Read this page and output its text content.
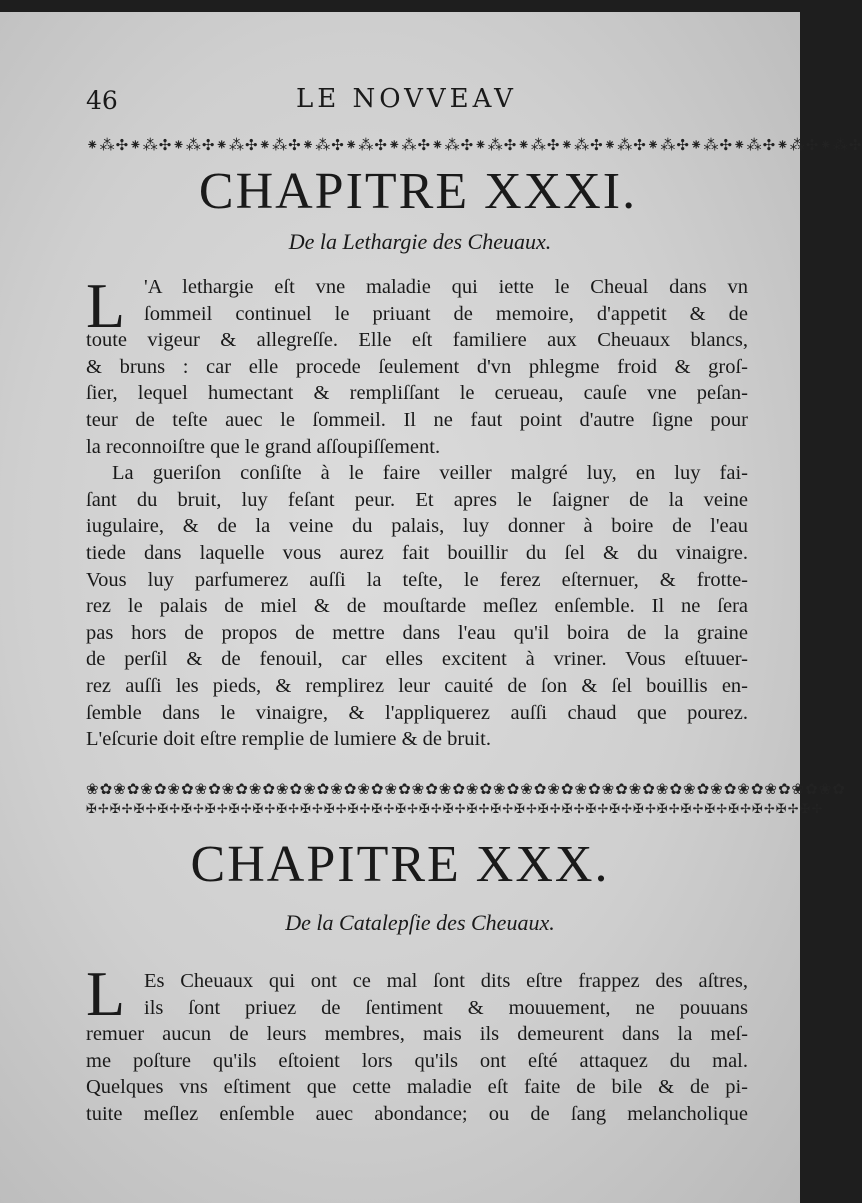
46	LE NOVVEAV
⁕⁂✣⁕⁂✣⁕⁂✣⁕⁂✣⁕⁂✣⁕⁂✣⁕⁂✣⁕⁂✣⁕⁂✣⁕⁂✣⁕⁂✣⁕⁂✣⁕⁂✣⁕⁂✣⁕⁂✣⁕⁂✣⁕⁂✣⁕⁂✣
CHAPITRE XXXI.
De la Lethargie des Cheuaux.
L 'A lethargie eſt vne maladie qui iette le Cheual dans vn
ſommeil continuel le priuant de memoire, d'appetit & de
toute vigeur & allegreſſe. Elle eſt familiere aux Cheuaux blancs,
& bruns : car elle procede ſeulement d'vn phlegme froid & groſ-
ſier, lequel humectant & rempliſſant le cerueau, cauſe vne peſan-
teur de teſte auec le ſommeil. Il ne faut point d'autre ſigne pour
la reconnoiſtre que le grand aſſoupiſſement.
La gueriſon conſiſte à le faire veiller malgré luy, en luy fai-
ſant du bruit, luy feſant peur. Et apres le ſaigner de la veine
iugulaire, & de la veine du palais, luy donner à boire de l'eau
tiede dans laquelle vous aurez fait bouillir du ſel & du vinaigre.
Vous luy parfumerez auſſi la teſte, le ferez eſternuer, & frotte-
rez le palais de miel & de mouſtarde meſlez enſemble. Il ne ſera
pas hors de propos de mettre dans l'eau qu'il boira de la graine
de perſil & de fenouil, car elles excitent à vriner. Vous eſtuuer-
rez auſſi les pieds, & remplirez leur cauité de ſon & ſel bouillis en-
ſemble dans le vinaigre, & l'appliquerez auſſi chaud que pourez.
L'eſcurie doit eſtre remplie de lumiere & de bruit.
❀✿❀✿❀✿❀✿❀✿❀✿❀✿❀✿❀✿❀✿❀✿❀✿❀✿❀✿❀✿❀✿❀✿❀✿❀✿❀✿❀✿❀✿❀✿❀✿❀✿❀✿❀✿❀✿
✠✢✠✢✠✢✠✢✠✢✠✢✠✢✠✢✠✢✠✢✠✢✠✢✠✢✠✢✠✢✠✢✠✢✠✢✠✢✠✢✠✢✠✢✠✢✠✢✠✢✠✢✠✢✠✢✠✢✠✢✠✢
CHAPITRE XXX.
De la Catalepſie des Cheuaux.
L Es Cheuaux qui ont ce mal ſont dits eſtre frappez des aſtres,
ils ſont priuez de ſentiment & mouuement, ne pouuans
remuer aucun de leurs membres, mais ils demeurent dans la meſ-
me poſture qu'ils eſtoient lors qu'ils ont eſté attaquez du mal.
Quelques vns eſtiment que cette maladie eſt faite de bile & de pi-
tuite meſlez enſemble auec abondance; ou de ſang melancholique
